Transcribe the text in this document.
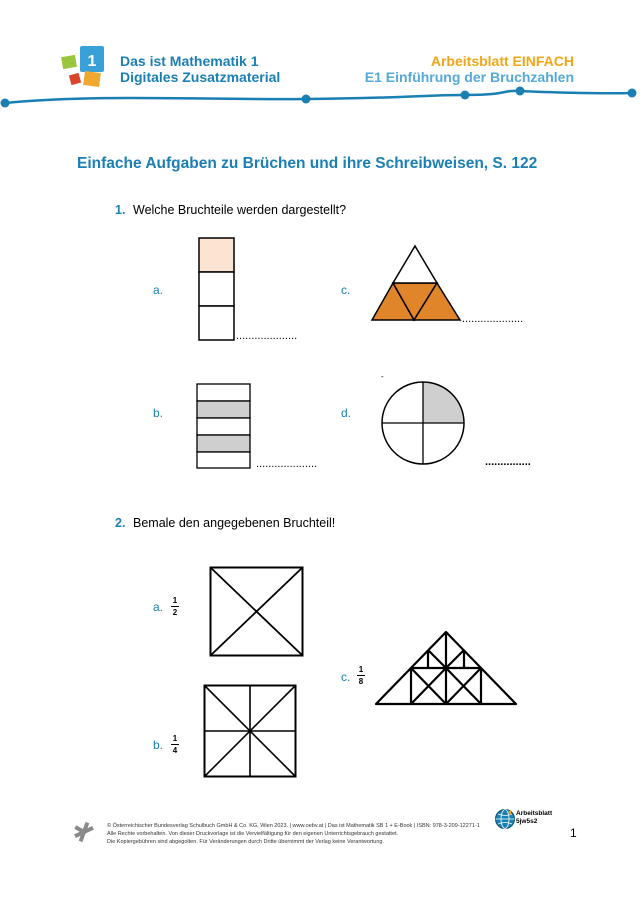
1 Das ist Mathematik 1
Digitales Zusatzmaterial
Arbeitsblatt EINFACH
E1 Einführung der Bruchzahlen
Einfache Aufgaben zu Brüchen und ihre Schreibweisen, S. 122
1. Welche Bruchteile werden dargestellt?
a.
....................
c.
....................
b.
....................
d.
-
...............
2. Bemale den angegebenen Bruchteil!
a. 1
2
b. 1
4
c.
1
8
© Österreichischer Bundesverlag Schulbuch GmbH & Co. KG, Wien 2023. | www.oebv.at | Das ist Mathematik SB 1 + E-Book | ISBN: 978-3-209-12271-1
Alle Rechte vorbehalten. Von dieser Druckvorlage ist die Vervielfältigung für den eigenen Unterrichtsgebrauch gestattet.
Die Kopiergebühren sind abgegolten. Für Veränderungen durch Dritte übernimmt der Verlag keine Verantwortung.
Arbeitsblatt
5jw5s2
1
